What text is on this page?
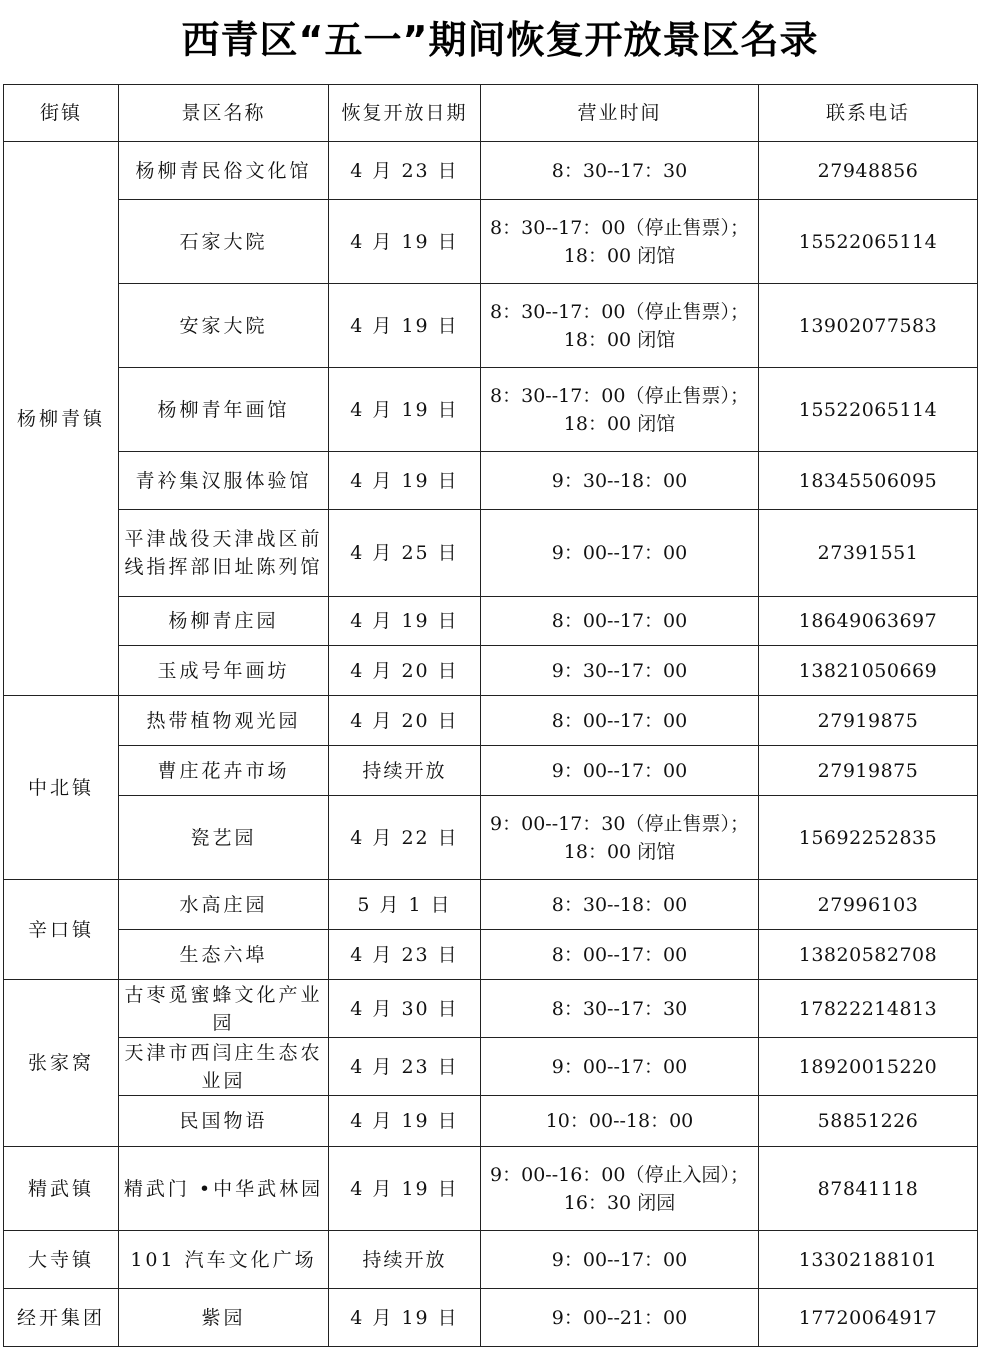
西青区“五一”期间恢复开放景区名录
街镇	景区名称	恢复开放日期	营业时间	联系电话
杨柳青镇	杨柳青民俗文化馆	4 月 23 日	8：30--17：30	27948856
	石家大院	4 月 19 日	8：30--17：00（停止售票）；18：00 闭馆	15522065114
	安家大院	4 月 19 日	8：30--17：00（停止售票）；18：00 闭馆	13902077583
	杨柳青年画馆	4 月 19 日	8：30--17：00（停止售票）；18：00 闭馆	15522065114
	青衿集汉服体验馆	4 月 19 日	9：30--18：00	18345506095
	平津战役天津战区前线指挥部旧址陈列馆	4 月 25 日	9：00--17：00	27391551
	杨柳青庄园	4 月 19 日	8：00--17：00	18649063697
	玉成号年画坊	4 月 20 日	9：30--17：00	13821050669
中北镇	热带植物观光园	4 月 20 日	8：00--17：00	27919875
	曹庄花卉市场	持续开放	9：00--17：00	27919875
	瓷艺园	4 月 22 日	9：00--17：30（停止售票）；18：00 闭馆	15692252835
辛口镇	水高庄园	5 月 1 日	8：30--18：00	27996103
	生态六埠	4 月 23 日	8：00--17：00	13820582708
张家窝	古枣觅蜜蜂文化产业园	4 月 30 日	8：30--17：30	17822214813
	天津市西闫庄生态农业园	4 月 23 日	9：00--17：00	18920015220
	民国物语	4 月 19 日	10：00--18：00	58851226
精武镇	精武门 •中华武林园	4 月 19 日	9：00--16：00（停止入园）；16：30 闭园	87841118
大寺镇	101 汽车文化广场	持续开放	9：00--17：00	13302188101
经开集团	紫园	4 月 19 日	9：00--21：00	17720064917
